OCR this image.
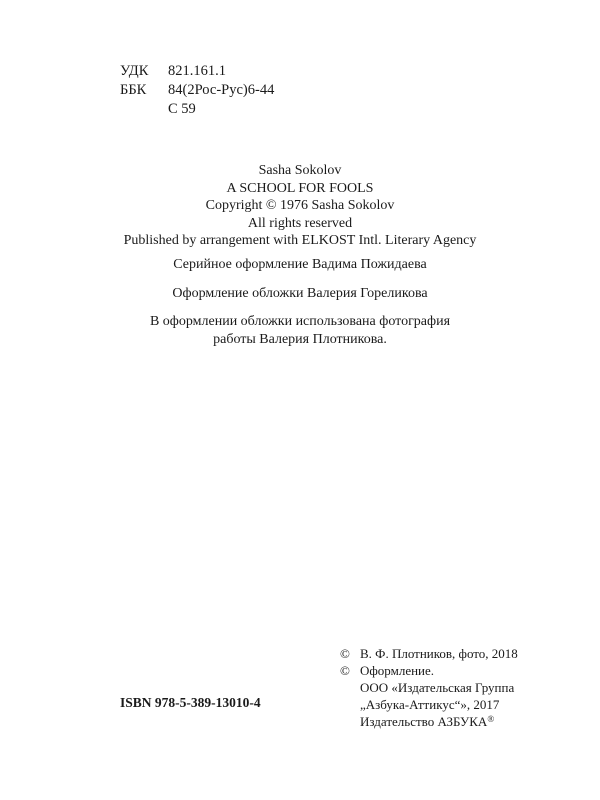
УДК	821.161.1
ББК	84(2Рос-Рус)6-44
С 59
Sasha Sokolov
A SCHOOL FOR FOOLS
Copyright © 1976 Sasha Sokolov
All rights reserved
Published by arrangement with ELKOST Intl. Literary Agency
Серийное оформление Вадима Пожидаева
Оформление обложки Валерия Гореликова
В оформлении обложки использована фотография
работы Валерия Плотникова.
© В. Ф. Плотников, фото, 2018
© Оформление.
ООО «Издательская Группа
„Азбука-Аттикус“», 2017
Издательство АЗБУКА®
ISBN 978-5-389-13010-4
